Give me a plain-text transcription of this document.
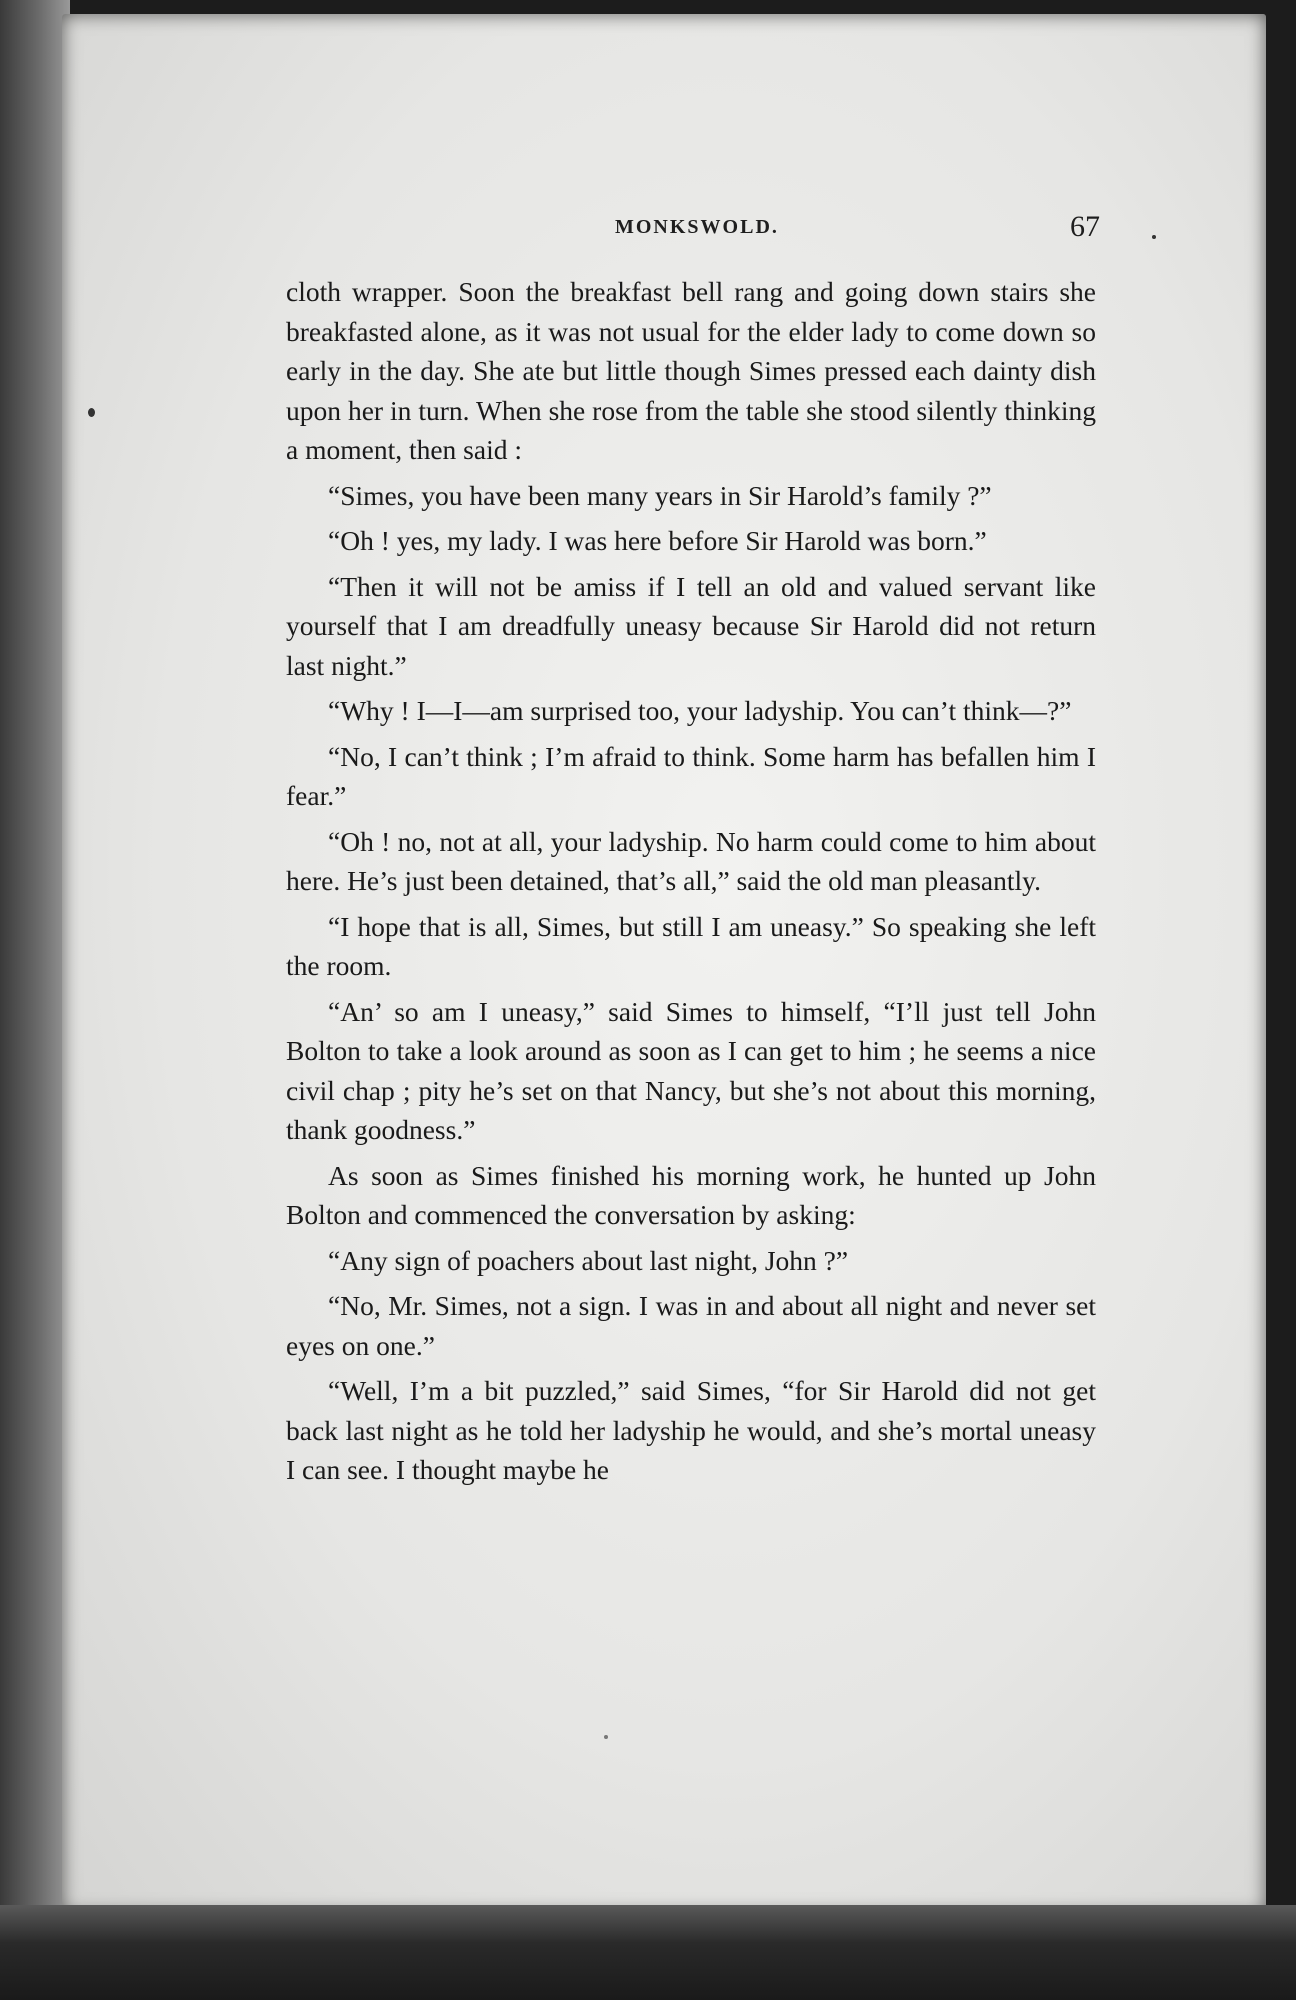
MONKSWOLD.	67

cloth wrapper. Soon the breakfast bell rang and going down stairs she breakfasted alone, as it was not usual for the elder lady to come down so early in the day. She ate but little though Simes pressed each dainty dish upon her in turn. When she rose from the table she stood silently thinking a moment, then said :

“Simes, you have been many years in Sir Harold’s family ?”

“Oh ! yes, my lady. I was here before Sir Harold was born.”

“Then it will not be amiss if I tell an old and valued servant like yourself that I am dreadfully uneasy because Sir Harold did not return last night.”

“Why ! I—I—am surprised too, your ladyship. You can’t think—?”

“No, I can’t think ; I’m afraid to think. Some harm has befallen him I fear.”

“Oh ! no, not at all, your ladyship. No harm could come to him about here. He’s just been detained, that’s all,” said the old man pleasantly.

“I hope that is all, Simes, but still I am uneasy.” So speaking she left the room.

“An’ so am I uneasy,” said Simes to himself, “I’ll just tell John Bolton to take a look around as soon as I can get to him ; he seems a nice civil chap ; pity he’s set on that Nancy, but she’s not about this morning, thank goodness.”

As soon as Simes finished his morning work, he hunted up John Bolton and commenced the conversation by asking:

“Any sign of poachers about last night, John ?”

“No, Mr. Simes, not a sign. I was in and about all night and never set eyes on one.”

“Well, I’m a bit puzzled,” said Simes, “for Sir Harold did not get back last night as he told her ladyship he would, and she’s mortal uneasy I can see. I thought maybe he
